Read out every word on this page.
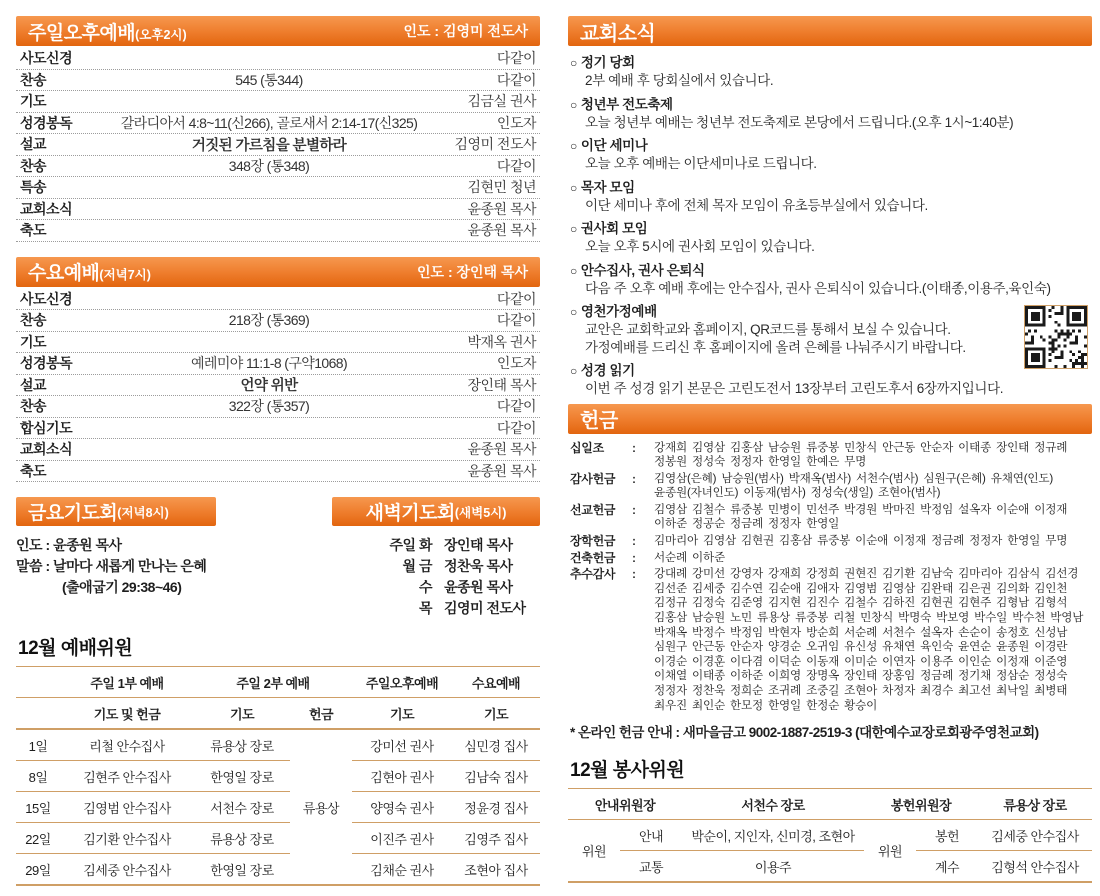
주일오후예배(오후2시)	인도 : 김영미 전도사
사도신경	다같이
찬송	545 (통344)	다같이
기도	김금실 권사
성경봉독	갈라디아서 4:8~11(신266), 골로새서 2:14-17(신325)	인도자
설교	거짓된 가르침을 분별하라	김영미 전도사
찬송	348장 (통348)	다같이
특송	김현민 청년
교회소식	윤종원 목사
축도	윤종원 목사
수요예배(저녁7시)	인도 : 장인태 목사
사도신경	다같이
찬송	218장 (통369)	다같이
기도	박재옥 권사
성경봉독	예레미야 11:1-8 (구약1068)	인도자
설교	언약 위반	장인태 목사
찬송	322장 (통357)	다같이
합심기도	다같이
교회소식	윤종원 목사
축도	윤종원 목사
금요기도회 (저녁8시)
인도 : 윤종원 목사
말씀 : 날마다 새롭게 만나는 은혜
(출애굽기 29:38~46)
새벽기도회 (새벽5시)
주일 화 장인태 목사
월 금 정찬욱 목사
수 윤종원 목사
목 김영미 전도사
12월 예배위원
	주일 1부 예배	주일 2부 예배		주일오후예배	수요예배
	기도 및 헌금	기도	헌금	기도	기도
1일	리철 안수집사	류용상 장로	류용상	강미선 권사	심민경 집사
8일	김현주 안수집사	한영일 장로		김현아 권사	김남숙 집사
15일	김영범 안수집사	서천수 장로		양영숙 권사	정윤경 집사
22일	김기환 안수집사	류용상 장로		이진주 권사	김영주 집사
29일	김세중 안수집사	한영일 장로		김채순 권사	조현아 집사
교회소식
○ 정기 당회
2부 예배 후 당회실에서 있습니다.
○ 청년부 전도축제
오늘 청년부 예배는 청년부 전도축제로 본당에서 드립니다.(오후 1시~1:40분)
○ 이단 세미나
오늘 오후 예배는 이단세미나로 드립니다.
○ 목자 모임
이단 세미나 후에 전체 목자 모임이 유초등부실에서 있습니다.
○ 권사회 모임
오늘 오후 5시에 권사회 모임이 있습니다.
○ 안수집사, 권사 은퇴식
다음 주 오후 예배 후에는 안수집사, 권사 은퇴식이 있습니다.(이태종,이용주,육인숙)
○ 영천가정예배
교안은 교회학교와 홈페이지, QR코드를 통해서 보실 수 있습니다.
가정예배를 드리신 후 홈페이지에 올려 은혜를 나눠주시기 바랍니다.
○ 성경 읽기
이번 주 성경 읽기 본문은 고린도전서 13장부터 고린도후서 6장까지입니다.
헌금
십일조	: 강재희 김영삼 김홍삼 남승원 류중봉 민창식 안근동 안순자 이태종 장인태 정규례
정봉원 정성숙 정정자 한영일 한예은 무명
감사헌금	: 김영삼(은혜) 남승원(범사) 박재옥(범사) 서천수(범사) 심원구(은혜) 유채연(인도)
윤종원(자녀인도) 이동재(범사) 정성숙(생일) 조현아(범사)
선교헌금	: 김영삼 김철수 류중봉 민병이 민선주 박경원 박마진 박정임 설옥자 이순애 이정재
이하준 정공순 정금례 정정자 한영일
장학헌금	: 김마리아 김영삼 김현권 김홍삼 류중봉 이순애 이정재 정금례 정정자 한영일 무명
건축헌금	: 서순례 이하준
추수감사	: 강대례 강미선 강영자 강재희 강정희 권현진 김기환 김남숙 김마리아 김삼식 김선경
김선준 김세중 김수연 김순애 김애자 김영범 김영삼 김완태 김은권 김의화 김인천
김정규 김정숙 김준영 김지현 김진수 김철수 김하진 김현권 김현주 김형남 김형석
김홍삼 남승원 노민 류용상 류중봉 리철 민창식 박명숙 박보영 박수일 박수천 박영남
박재옥 박정수 박정임 박현자 방순희 서순례 서천수 설옥자 손순이 송정호 신성남
심원구 안근동 안순자 양경순 오귀임 유신성 유채연 육인숙 윤연순 윤종원 이경란
이경순 이경훈 이다겸 이덕순 이동재 이미순 이연자 이용주 이인순 이정재 이준영
이채열 이태종 이하준 이희영 장명옥 장인태 장홍임 정금례 정기채 정삼순 정성숙
정정자 정찬욱 정희순 조귀례 조중길 조현아 차정자 최경수 최고선 최낙일 최병태
최우진 최인순 한모정 한영일 한정순 황승이
* 온라인 헌금 안내 : 새마을금고 9002-1887-2519-3 (대한예수교장로회광주영천교회)
12월 봉사위원
안내위원장		서천수 장로	봉헌위원장		류용상 장로
위원	안내	박순이, 지인자, 신미경, 조현아	위원	봉헌	김세중 안수집사
	교통	이용주		계수	김형석 안수집사
